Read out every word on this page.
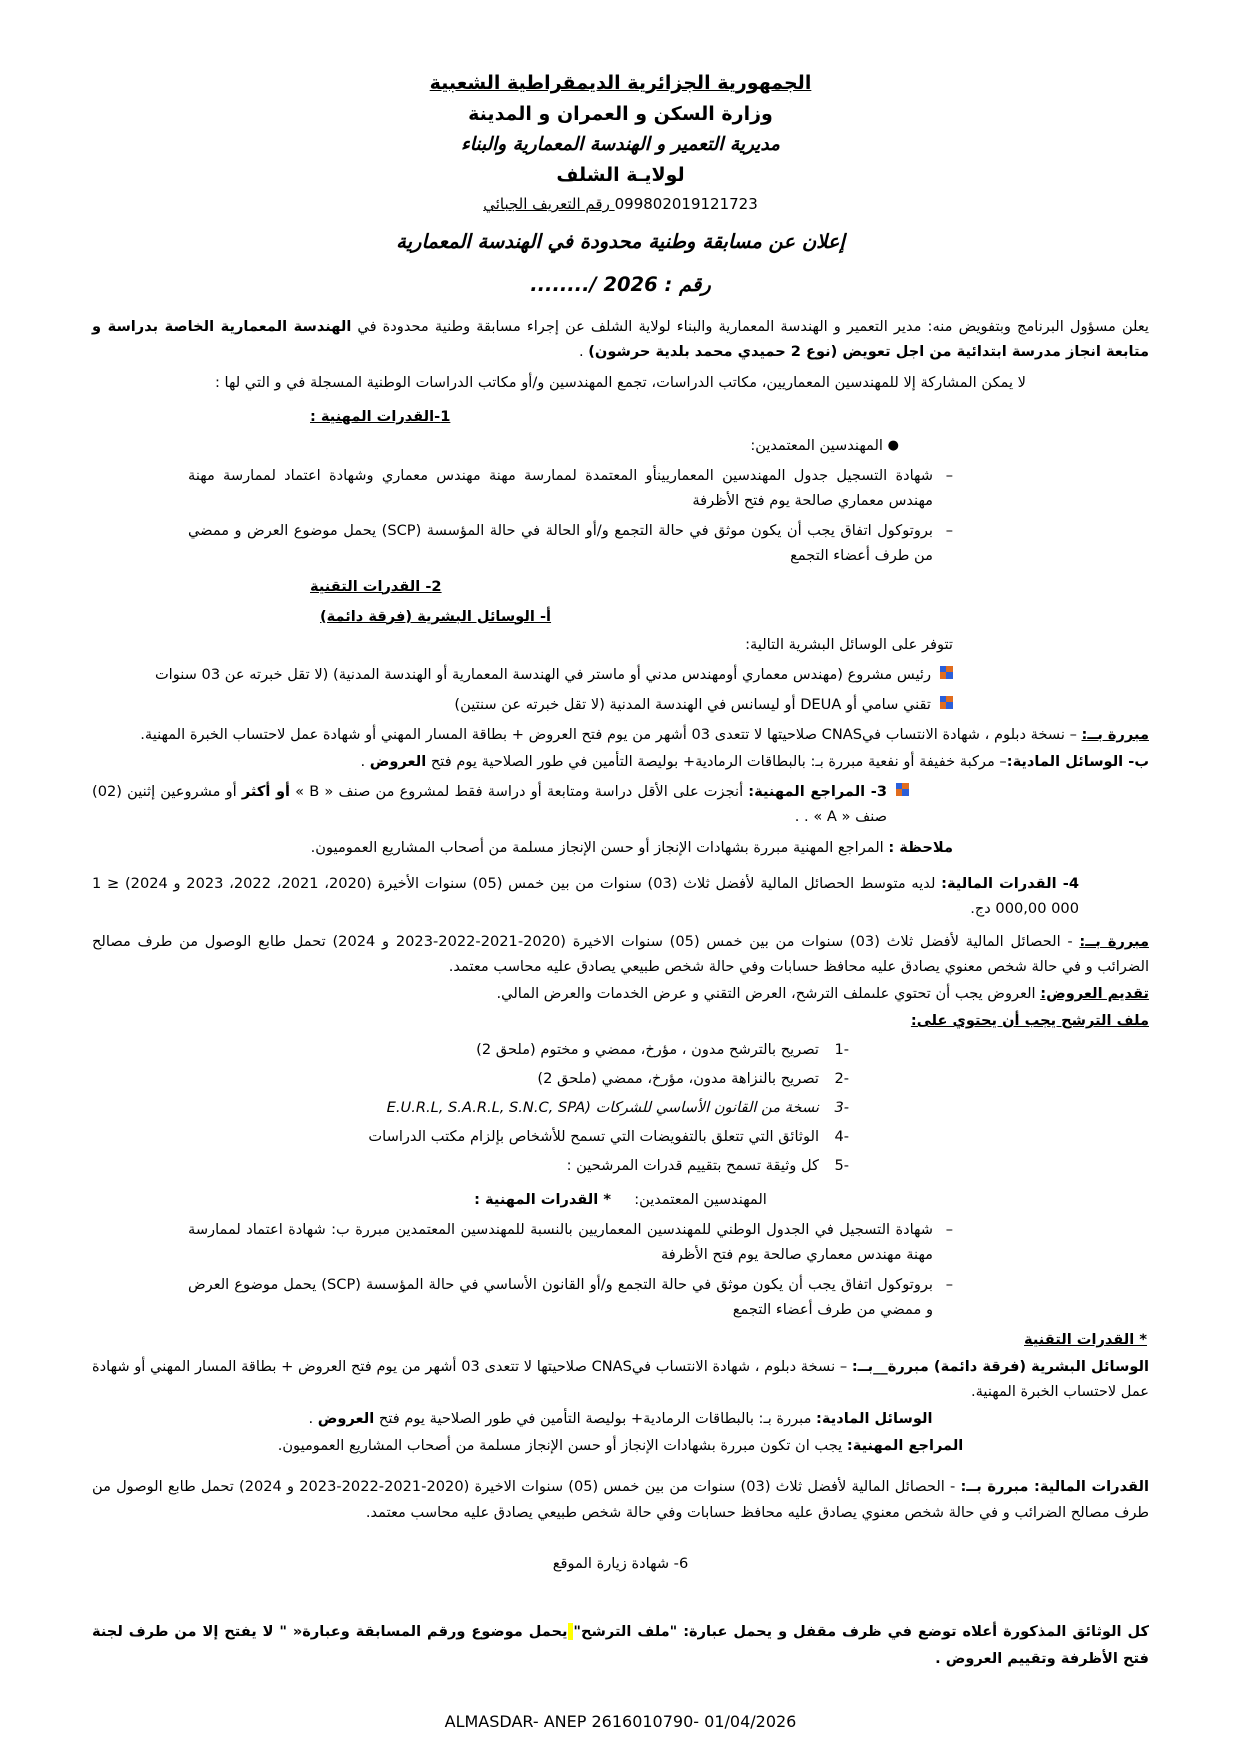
الجمهورية الجزائرية الديمقراطية الشعبية
وزارة السكن و العمران و المدينة
مديرية التعمير و الهندسة المعمارية والبناء
لولايـة الشلف
099802019121723 رقم التعريف الجبائي
إعلان عن مسابقة وطنية محدودة في الهندسة المعمارية
رقم : ......../ 2026

يعلن مسؤول البرنامج وبتفويض منه: مدير التعمير و الهندسة المعمارية والبناء لولاية الشلف عن إجراء مسابقة وطنية محدودة في الهندسة المعمارية الخاصة بدراسة و متابعة انجاز مدرسة ابتدائية من اجل تعويض (نوع 2 حميدي محمد بلدية حرشون) .

لا يمكن المشاركة إلا للمهندسين المعماريين، مكاتب الدراسات، تجمع المهندسين و/أو مكاتب الدراسات الوطنية المسجلة في و التي لها :

1-القدرات المهنية :
●المهندسين المعتمدين:
– شهادة التسجيل جدول المهندسين المعماريينأو المعتمدة لممارسة مهنة مهندس معماري وشهادة اعتماد لممارسة مهنة مهندس معماري صالحة يوم فتح الأظرفة
– بروتوكول اتفاق يجب أن يكون موثق في حالة التجمع و/أو الحالة في حالة المؤسسة (SCP) يحمل موضوع العرض و ممضي من طرف أعضاء التجمع
2- القدرات التقنية
أ- الوسائل البشرية (فرقة دائمة)

تتوفر على الوسائل البشرية التالية:

رئيس مشروع (مهندس معماري أومهندس مدني أو ماستر في الهندسة المعمارية أو الهندسة المدنية) (لا تقل خبرته عن 03 سنوات
تقني سامي أو DEUA أو ليسانس في الهندسة المدنية (لا تقل خبرته عن سنتين)

مبررة بــ: – نسخة دبلوم ، شهادة الانتساب فيCNAS صلاحيتها لا تتعدى 03 أشهر من يوم فتح العروض + بطاقة المسار المهني أو شهادة عمل لاحتساب الخبرة المهنية.

ب- الوسائل المادية:– مركبة خفيفة أو نفعية مبررة بـ: بالبطاقات الرمادية+ بوليصة التأمين في طور الصلاحية يوم فتح العروض .

3- المراجع المهنية: أنجزت على الأقل دراسة ومتابعة أو دراسة فقط لمشروع من صنف « B » أو أكثر أو مشروعين إثنين (02) صنف « A » . .

ملاحظة : المراجع المهنية مبررة بشهادات الإنجاز أو حسن الإنجاز مسلمة من أصحاب المشاريع العموميون.

4- القدرات المالية: لديه متوسط الحصائل المالية لأفضل ثلاث (03) سنوات من بين خمس (05) سنوات الأخيرة (2020، 2021، 2022، 2023 و 2024) ≤ 1 000 000,00 دج.

مبررة بــ: - الحصائل المالية لأفضل ثلاث (03) سنوات من بين خمس (05) سنوات الاخيرة (2020-2021-2022-2023 و 2024) تحمل طابع الوصول من طرف مصالح الضرائب و في حالة شخص معنوي يصادق عليه محافظ حسابات وفي حالة شخص طبيعي يصادق عليه محاسب معتمد.

تقديم العروض: العروض يجب أن تحتوي علىملف الترشح، العرض التقني و عرض الخدمات والعرض المالي.

ملف الترشح يجب أن يحتوي على:

1-
تصريح بالترشح مدون ، مؤرخ، ممضي و مختوم (ملحق 2)
2-
تصريح بالنزاهة مدون، مؤرخ، ممضي (ملحق 2)
3-
نسخة من القانون الأساسي للشركات (E.U.R.L, S.A.R.L, S.N.C, SPA
4-
الوثائق التي تتعلق بالتفويضات التي تسمح للأشخاص بإلزام مكتب الدراسات
5-
كل وثيقة تسمح بتقييم قدرات المرشحين :

المهندسين المعتمدين:     * القدرات المهنية :

– شهادة التسجيل في الجدول الوطني للمهندسين المعماريين بالنسبة للمهندسين المعتمدين مبررة ب: شهادة اعتماد لممارسة مهنة مهندس معماري صالحة يوم فتح الأظرفة
– بروتوكول اتفاق يجب أن يكون موثق في حالة التجمع و/أو القانون الأساسي في حالة المؤسسة (SCP) يحمل موضوع العرض و ممضي من طرف أعضاء التجمع

* القدرات التقنية

الوسائل البشرية (فرقة دائمة) مبررة__بــ: – نسخة دبلوم ، شهادة الانتساب فيCNAS صلاحيتها لا تتعدى 03 أشهر من يوم فتح العروض + بطاقة المسار المهني أو شهادة عمل لاحتساب الخبرة المهنية.

الوسائل المادية: مبررة بـ: بالبطاقات الرمادية+ بوليصة التأمين في طور الصلاحية يوم فتح العروض .

المراجع المهنية: يجب ان تكون مبررة بشهادات الإنجاز أو حسن الإنجاز مسلمة من أصحاب المشاريع العموميون.

القدرات المالية: مبررة بــ: - الحصائل المالية لأفضل ثلاث (03) سنوات من بين خمس (05) سنوات الاخيرة (2020-2021-2022-2023 و 2024) تحمل طابع الوصول من طرف مصالح الضرائب و في حالة شخص معنوي يصادق عليه محافظ حسابات وفي حالة شخص طبيعي يصادق عليه محاسب معتمد.

6- شهادة زيارة الموقع

كل الوثائق المذكورة أعلاه توضع في ظرف مقفل و يحمل عبارة: "ملف الترشح" يحمل موضوع ورقم المسابقة وعبارة« " لا يفتح إلا من طرف لجنة فتح الأظرفة وتقييم العروض .

ALMASDAR- ANEP 2616010790- 01/04/2026
